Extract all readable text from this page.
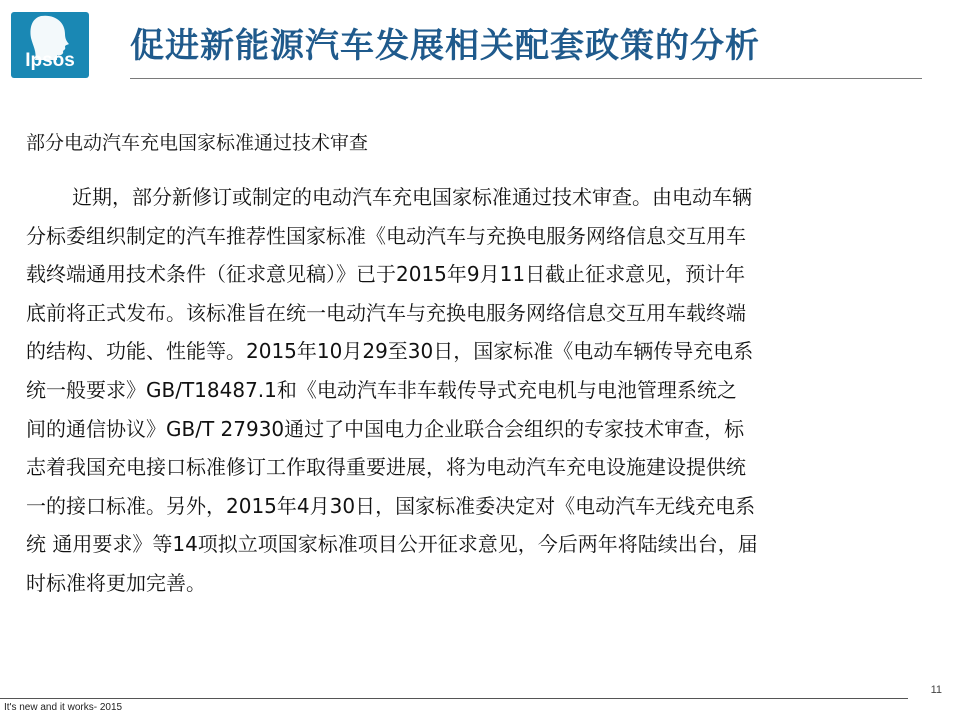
Ipsos	促进新能源汽车发展相关配套政策的分析
部分电动汽车充电国家标准通过技术审查
近期，部分新修订或制定的电动汽车充电国家标准通过技术审查。由电动车辆
分标委组织制定的汽车推荐性国家标准《电动汽车与充换电服务网络信息交互用车
载终端通用技术条件（征求意见稿）》已于2015年9月11日截止征求意见，预计年
底前将正式发布。该标准旨在统一电动汽车与充换电服务网络信息交互用车载终端
的结构、功能、性能等。2015年10月29至30日，国家标准《电动车辆传导充电系
统一般要求》GB/T18487.1和《电动汽车非车载传导式充电机与电池管理系统之
间的通信协议》GB/T 27930通过了中国电力企业联合会组织的专家技术审查，标
志着我国充电接口标准修订工作取得重要进展，将为电动汽车充电设施建设提供统
一的接口标准。另外，2015年4月30日，国家标准委决定对《电动汽车无线充电系
统 通用要求》等14项拟立项国家标准项目公开征求意见，今后两年将陆续出台，届
时标准将更加完善。
11
It's new and it works- 2015
